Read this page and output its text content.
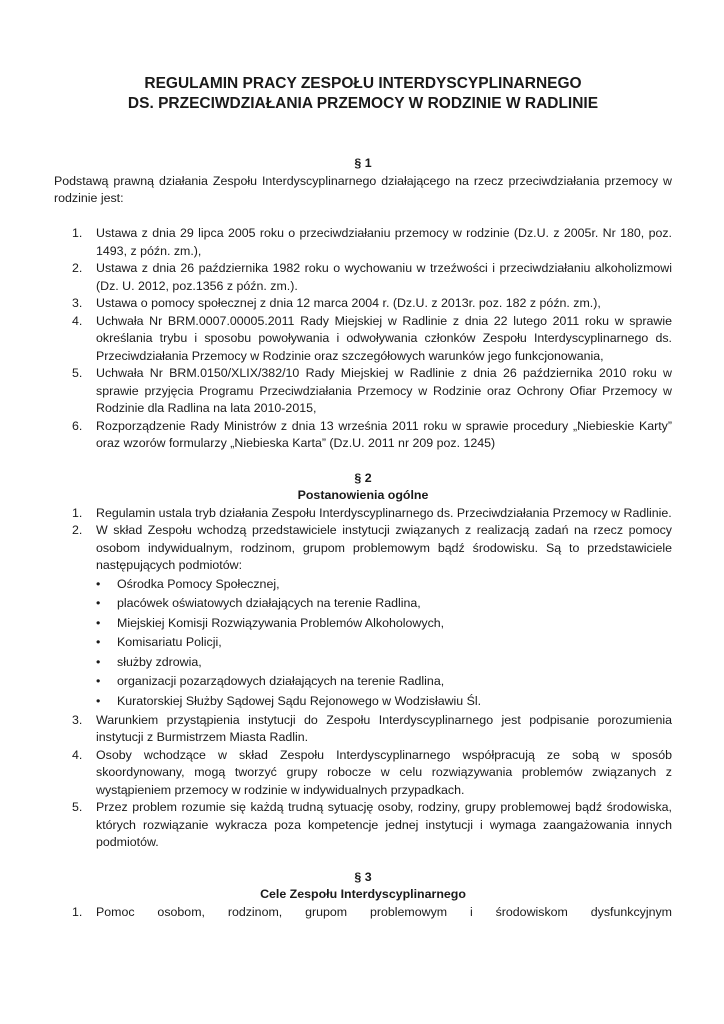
REGULAMIN PRACY ZESPOŁU INTERDYSCYPLINARNEGO
DS. PRZECIWDZIAŁANIA PRZEMOCY W RODZINIE W RADLINIE
§ 1

Podstawą prawną działania Zespołu Interdyscyplinarnego działającego na rzecz przeciwdziałania przemocy w rodzinie jest:

1. Ustawa z dnia 29 lipca 2005 roku o przeciwdziałaniu przemocy w rodzinie (Dz.U. z 2005r. Nr 180, poz. 1493, z późn. zm.),
2. Ustawa z dnia 26 października 1982 roku o wychowaniu w trzeźwości i przeciwdziałaniu alkoholizmowi (Dz. U. 2012, poz.1356 z późn. zm.).
3. Ustawa o pomocy społecznej z dnia 12 marca 2004 r. (Dz.U. z 2013r. poz. 182 z późn. zm.),
4. Uchwała Nr BRM.0007.00005.2011 Rady Miejskiej w Radlinie z dnia 22 lutego 2011 roku w sprawie określania trybu i sposobu powoływania i odwoływania członków Zespołu Interdyscyplinarnego ds. Przeciwdziałania Przemocy w Rodzinie oraz szczegółowych warunków jego funkcjonowania,
5. Uchwała Nr BRM.0150/XLIX/382/10 Rady Miejskiej w Radlinie z dnia 26 października 2010 roku w sprawie przyjęcia Programu Przeciwdziałania Przemocy w Rodzinie oraz Ochrony Ofiar Przemocy w Rodzinie dla Radlina na lata 2010-2015,
6. Rozporządzenie Rady Ministrów z dnia 13 września 2011 roku w sprawie procedury „Niebieskie Karty” oraz wzorów formularzy „Niebieska Karta” (Dz.U. 2011 nr 209 poz. 1245)
§ 2
Postanowienia ogólne
1. Regulamin ustala tryb działania Zespołu Interdyscyplinarnego ds. Przeciwdziałania Przemocy w Radlinie.
2. W skład Zespołu wchodzą przedstawiciele instytucji związanych z realizacją zadań na rzecz pomocy osobom indywidualnym, rodzinom, grupom problemowym bądź środowisku. Są to przedstawiciele następujących podmiotów:
• Ośrodka Pomocy Społecznej,
• placówek oświatowych działających na terenie Radlina,
• Miejskiej Komisji Rozwiązywania Problemów Alkoholowych,
• Komisariatu Policji,
• służby zdrowia,
• organizacji pozarządowych działających na terenie Radlina,
• Kuratorskiej Służby Sądowej Sądu Rejonowego w Wodzisławiu Śl.
3. Warunkiem przystąpienia instytucji do Zespołu Interdyscyplinarnego jest podpisanie porozumienia instytucji z Burmistrzem Miasta Radlin.
4. Osoby wchodzące w skład Zespołu Interdyscyplinarnego współpracują ze sobą w sposób skoordynowany, mogą tworzyć grupy robocze w celu rozwiązywania problemów związanych z wystąpieniem przemocy w rodzinie w indywidualnych przypadkach.
5. Przez problem rozumie się każdą trudną sytuację osoby, rodziny, grupy problemowej bądź środowiska, których rozwiązanie wykracza poza kompetencje jednej instytucji i wymaga zaangażowania innych podmiotów.
§ 3
Cele Zespołu Interdyscyplinarnego
1. Pomoc osobom, rodzinom, grupom problemowym i środowiskom dysfunkcyjnym
